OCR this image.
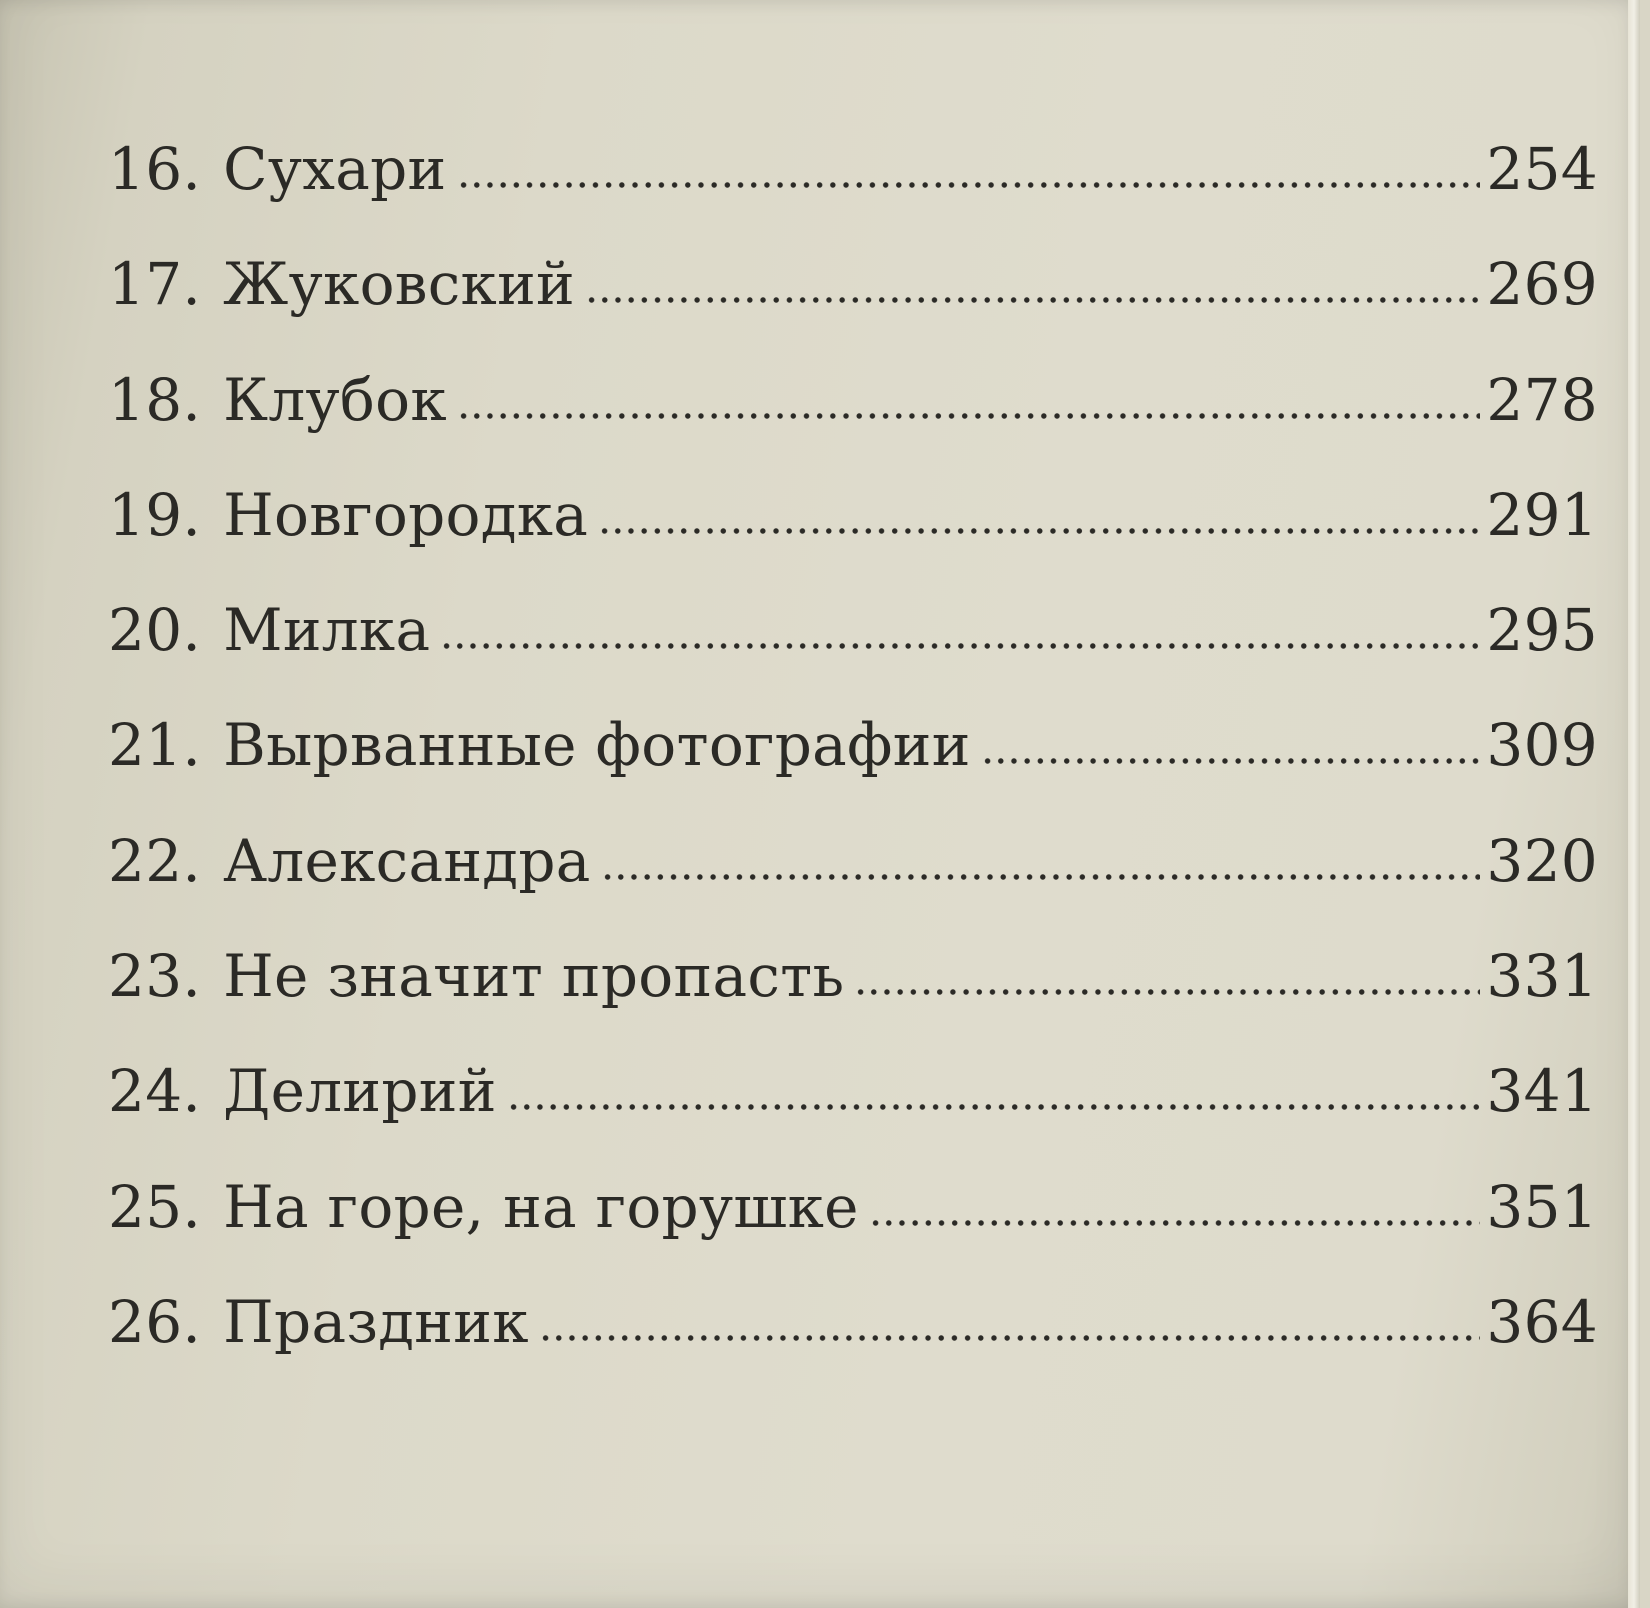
16. Сухари	254
17. Жуковский	269
18. Клубок	278
19. Новгородка	291
20. Милка	295
21. Вырванные фотографии	309
22. Александра	320
23. Не значит пропасть	331
24. Делирий	341
25. На горе, на горушке	351
26. Праздник	364
